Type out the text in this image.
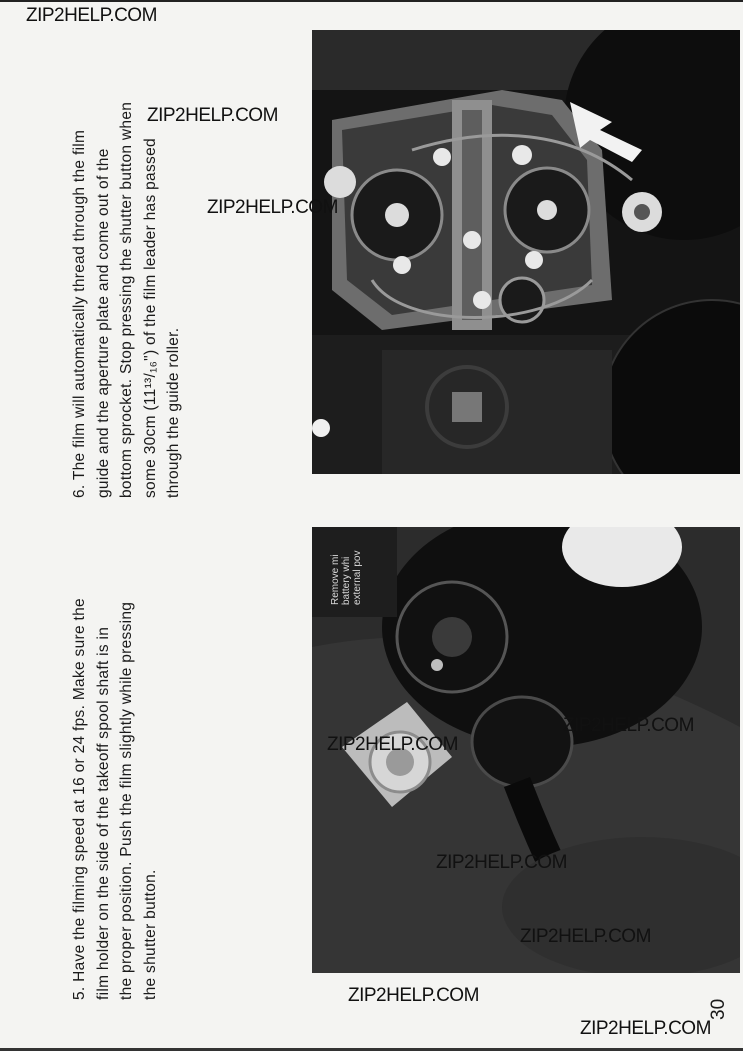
6. The film will automatically thread through the film guide and the aperture plate and come out of the bottom sprocket. Stop pressing the shutter button when some 30cm (11¹³/₁₆") of the film leader has passed through the guide roller.
5. Have the filming speed at 16 or 24 fps. Make sure the film holder on the side of the takeoff spool shaft is in the proper position. Push the film slightly while pressing the shutter button.
Remove mi battery whi external pov
30
ZIP2HELP.COM
ZIP2HELP.COM
ZIP2HELP.COM
ZIP2HELP.COM
ZIP2HELP.COM
ZIP2HELP.COM
ZIP2HELP.COM
ZIP2HELP.COM
ZIP2HELP.COM
